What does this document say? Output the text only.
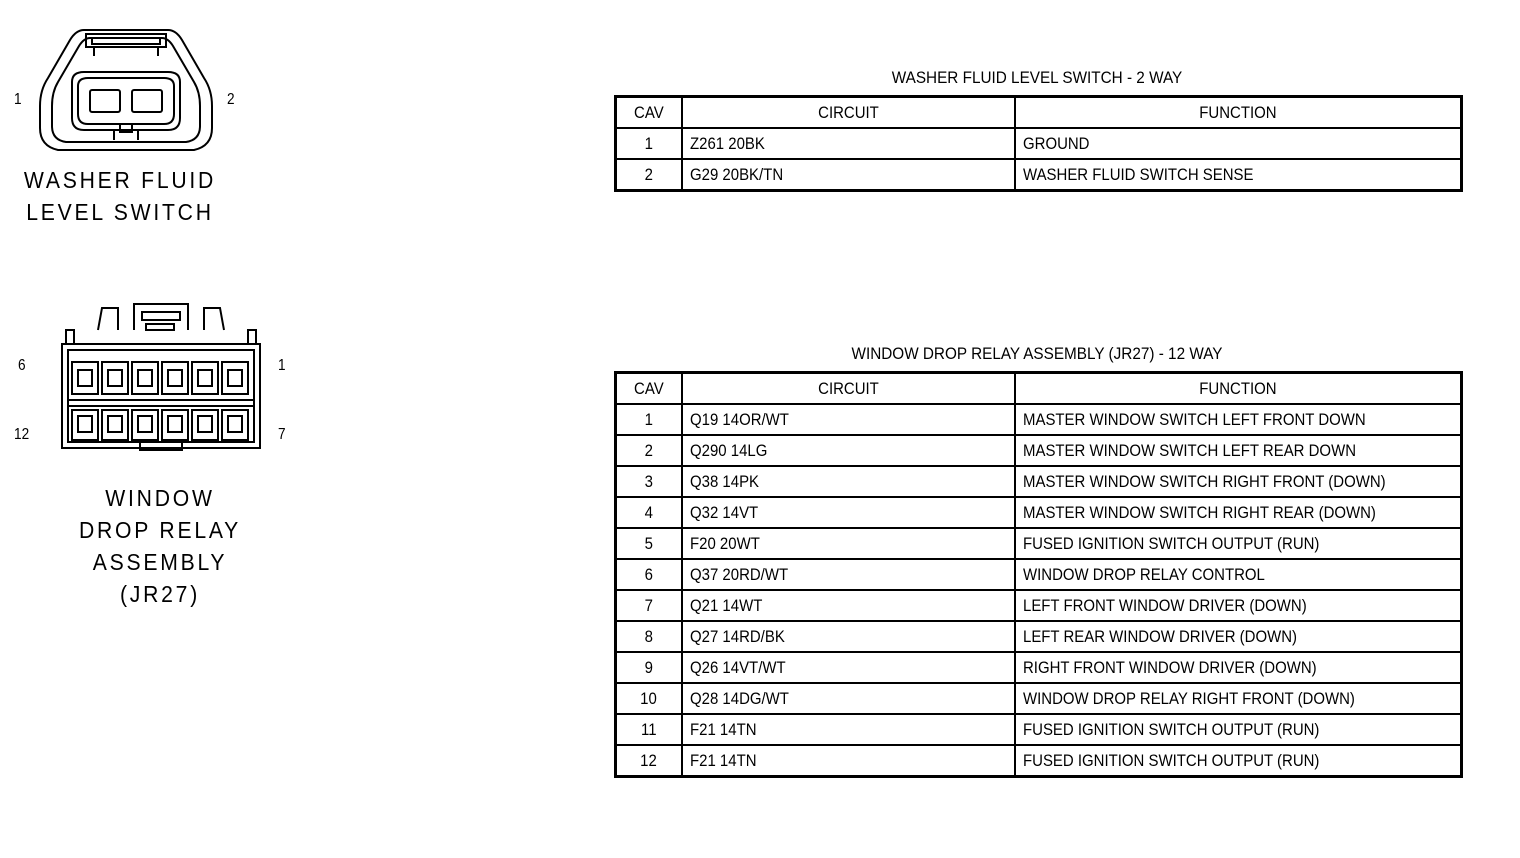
1	2
WASHER FLUID
LEVEL SWITCH
6	1
12	7
WINDOW
DROP RELAY
ASSEMBLY
(JR27)
WASHER FLUID LEVEL SWITCH - 2 WAY
CAV	CIRCUIT	FUNCTION
1	Z261 20BK	GROUND
2	G29 20BK/TN	WASHER FLUID SWITCH SENSE
WINDOW DROP RELAY ASSEMBLY (JR27) - 12 WAY
CAV	CIRCUIT	FUNCTION
1	Q19 14OR/WT	MASTER WINDOW SWITCH LEFT FRONT DOWN
2	Q290 14LG	MASTER WINDOW SWITCH LEFT REAR DOWN
3	Q38 14PK	MASTER WINDOW SWITCH RIGHT FRONT (DOWN)
4	Q32 14VT	MASTER WINDOW SWITCH RIGHT REAR (DOWN)
5	F20 20WT	FUSED IGNITION SWITCH OUTPUT (RUN)
6	Q37 20RD/WT	WINDOW DROP RELAY CONTROL
7	Q21 14WT	LEFT FRONT WINDOW DRIVER (DOWN)
8	Q27 14RD/BK	LEFT REAR WINDOW DRIVER (DOWN)
9	Q26 14VT/WT	RIGHT FRONT WINDOW DRIVER (DOWN)
10	Q28 14DG/WT	WINDOW DROP RELAY RIGHT FRONT (DOWN)
11	F21 14TN	FUSED IGNITION SWITCH OUTPUT (RUN)
12	F21 14TN	FUSED IGNITION SWITCH OUTPUT (RUN)
